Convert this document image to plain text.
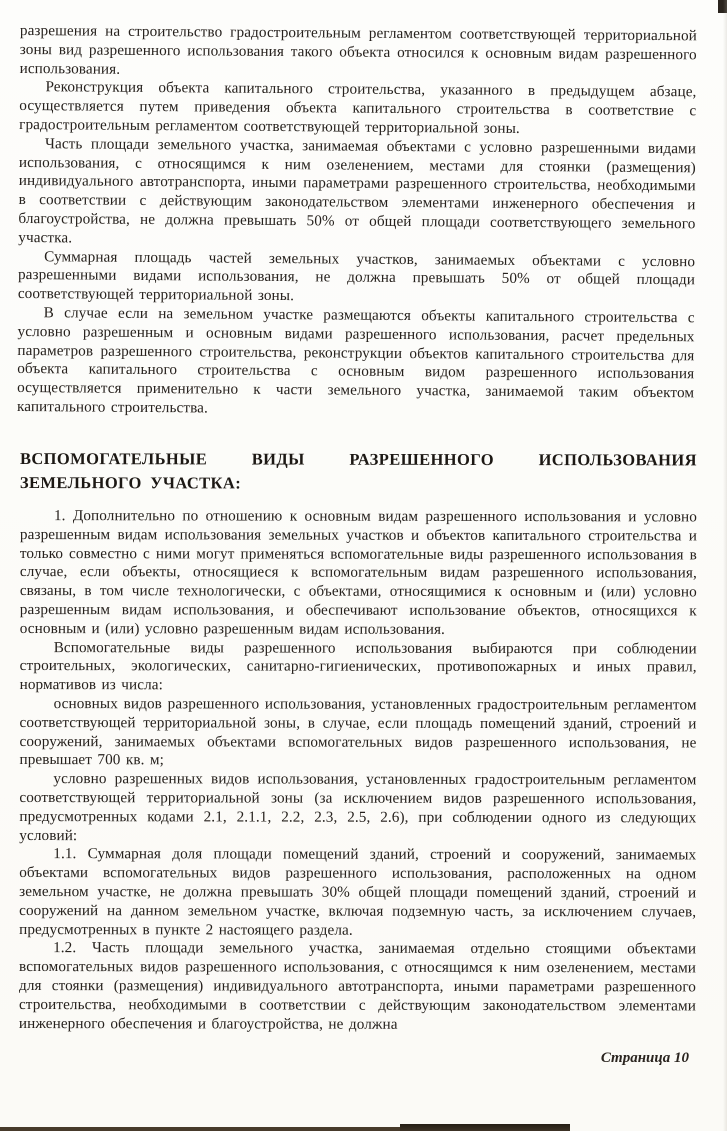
разрешения на строительство градостроительным регламентом соответствующей территориальной зоны вид разрешенного использования такого объекта относился к основным видам разрешенного использования.

Реконструкция объекта капитального строительства, указанного в предыдущем абзаце, осуществляется путем приведения объекта капитального строительства в соответствие с градостроительным регламентом соответствующей территориальной зоны.

Часть площади земельного участка, занимаемая объектами с условно разрешенными видами использования, с относящимся к ним озеленением, местами для стоянки (размещения) индивидуального автотранспорта, иными параметрами разрешенного строительства, необходимыми в соответствии с действующим законодательством элементами инженерного обеспечения и благоустройства, не должна превышать 50% от общей площади соответствующего земельного участка.

Суммарная площадь частей земельных участков, занимаемых объектами с условно разрешенными видами использования, не должна превышать 50% от общей площади соответствующей территориальной зоны.

В случае если на земельном участке размещаются объекты капитального строительства с условно разрешенным и основным видами разрешенного использования, расчет предельных параметров разрешенного строительства, реконструкции объектов капитального строительства для объекта капитального строительства с основным видом разрешенного использования осуществляется применительно к части земельного участка, занимаемой таким объектом капитального строительства.

ВСПОМОГАТЕЛЬНЫЕ ВИДЫ РАЗРЕШЕННОГО ИСПОЛЬЗОВАНИЯ ЗЕМЕЛЬНОГО УЧАСТКА:

1. Дополнительно по отношению к основным видам разрешенного использования и условно разрешенным видам использования земельных участков и объектов капитального строительства и только совместно с ними могут применяться вспомогательные виды разрешенного использования в случае, если объекты, относящиеся к вспомогательным видам разрешенного использования, связаны, в том числе технологически, с объектами, относящимися к основным и (или) условно разрешенным видам использования, и обеспечивают использование объектов, относящихся к основным и (или) условно разрешенным видам использования.

Вспомогательные виды разрешенного использования выбираются при соблюдении строительных, экологических, санитарно-гигиенических, противопожарных и иных правил, нормативов из числа:

основных видов разрешенного использования, установленных градостроительным регламентом соответствующей территориальной зоны, в случае, если площадь помещений зданий, строений и сооружений, занимаемых объектами вспомогательных видов разрешенного использования, не превышает 700 кв. м;

условно разрешенных видов использования, установленных градостроительным регламентом соответствующей территориальной зоны (за исключением видов разрешенного использования, предусмотренных кодами 2.1, 2.1.1, 2.2, 2.3, 2.5, 2.6), при соблюдении одного из следующих условий:

1.1. Суммарная доля площади помещений зданий, строений и сооружений, занимаемых объектами вспомогательных видов разрешенного использования, расположенных на одном земельном участке, не должна превышать 30% общей площади помещений зданий, строений и сооружений на данном земельном участке, включая подземную часть, за исключением случаев, предусмотренных в пункте 2 настоящего раздела.

1.2. Часть площади земельного участка, занимаемая отдельно стоящими объектами вспомогательных видов разрешенного использования, с относящимся к ним озеленением, местами для стоянки (размещения) индивидуального автотранспорта, иными параметрами разрешенного строительства, необходимыми в соответствии с действующим законодательством элементами инженерного обеспечения и благоустройства, не должна

Страница 10
